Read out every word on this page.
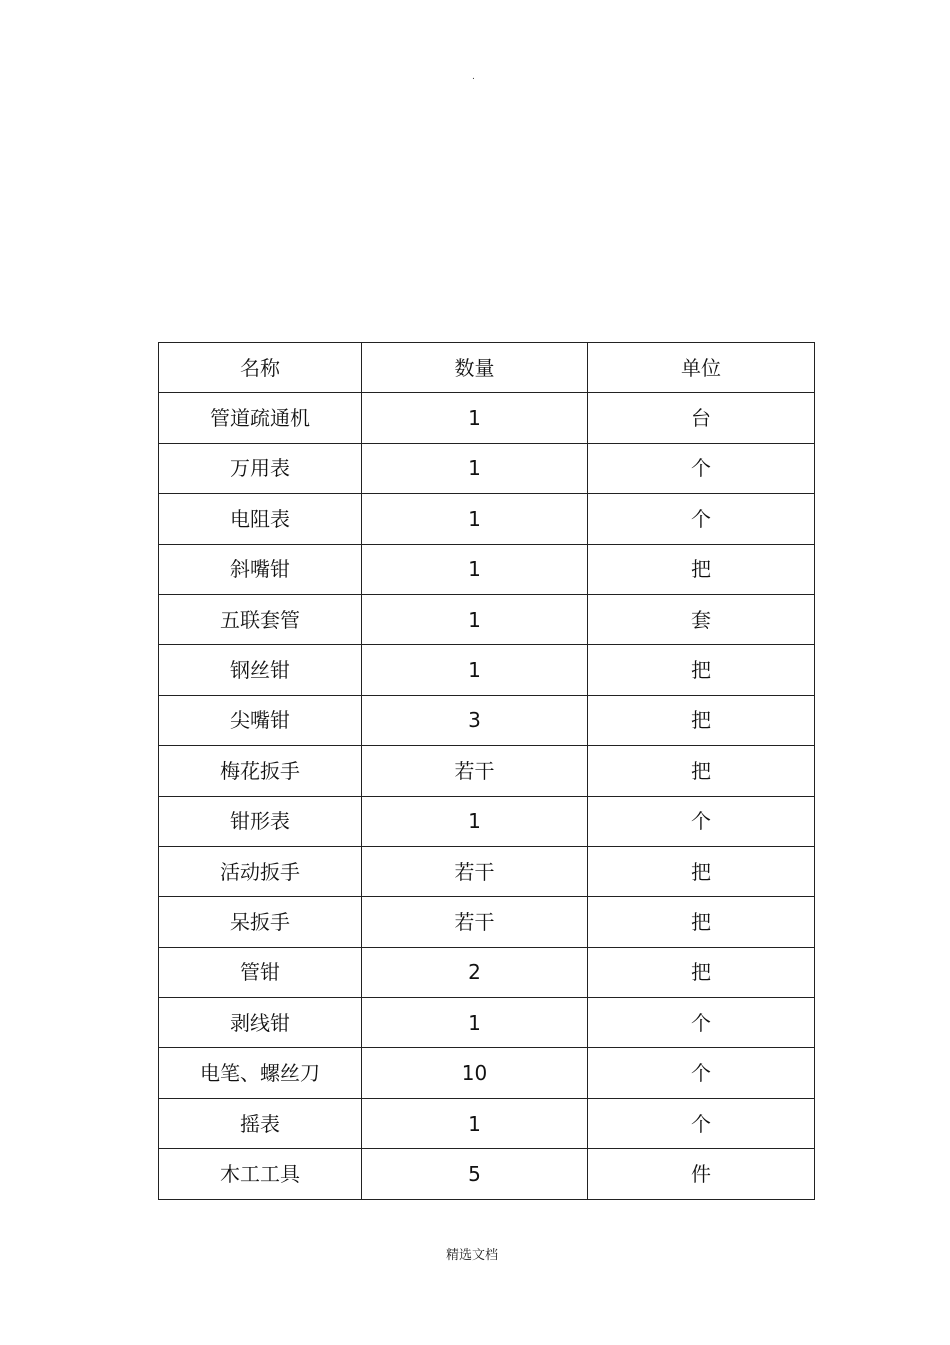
.
名称	数量	单位
管道疏通机	1	台
万用表	1	个
电阻表	1	个
斜嘴钳	1	把
五联套管	1	套
钢丝钳	1	把
尖嘴钳	3	把
梅花扳手	若干	把
钳形表	1	个
活动扳手	若干	把
呆扳手	若干	把
管钳	2	把
剥线钳	1	个
电笔、螺丝刀	10	个
摇表	1	个
木工工具	5	件
精选文档
